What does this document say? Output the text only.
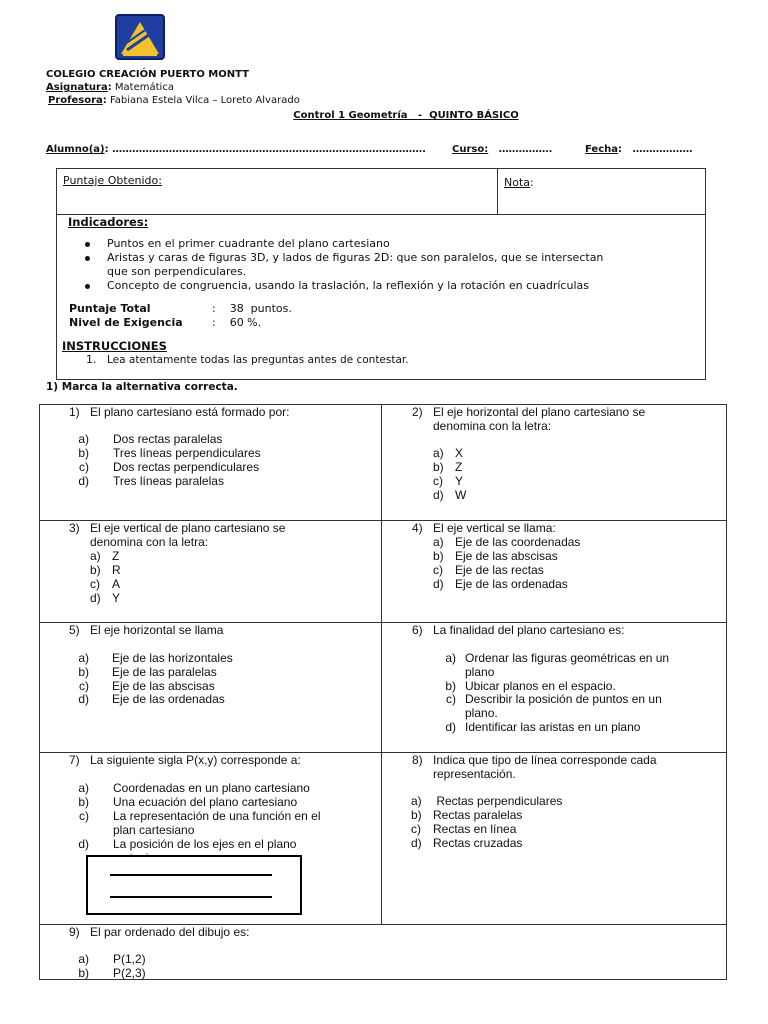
COLEGIO CREACIÓN PUERTO MONTT
Asignatura: Matemática
Profesora: Fabiana Estela Vilca – Loreto Alvarado
Control 1 Geometría   -  QUINTO BÁSICO
Alumno(a): ………………………………………………………………………………….	Curso: …………….	Fecha:   ………………
Puntaje Obtenido:	Nota:
Indicadores:
Puntos en el primer cuadrante del plano cartesiano
Aristas y caras de figuras 3D, y lados de figuras 2D: que son paralelos, que se intersectan
que son perpendiculares.
Concepto de congruencia, usando la traslación, la reflexión y la rotación en cuadrículas
Puntaje Total	:    38  puntos.
Nivel de Exigencia	:    60 %.
INSTRUCCIONES
1. Lea atentamente todas las preguntas antes de contestar.
1) Marca la alternativa correcta.
1) El plano cartesiano está formado por:
a) Dos rectas paralelas
b) Tres líneas perpendiculares
c) Dos rectas perpendiculares
d) Tres líneas paralelas
2) El eje horizontal del plano cartesiano se
denomina con la letra:
a) X
b) Z
c) Y
d) W
3) El eje vertical de plano cartesiano se
denomina con la letra:
a) Z
b) R
c) A
d) Y
4) El eje vertical se llama:
a) Eje de las coordenadas
b) Eje de las abscisas
c) Eje de las rectas
d) Eje de las ordenadas
5) El eje horizontal se llama
a) Eje de las horizontales
b) Eje de las paralelas
c) Eje de las abscisas
d) Eje de las ordenadas
6) La finalidad del plano cartesiano es:
a) Ordenar las figuras geométricas en un
plano
b) Ubicar planos en el espacio.
c) Describir la posición de puntos en un
plano.
d) Identificar las aristas en un plano
7) La siguiente sigla P(x,y) corresponde a:
a) Coordenadas en un plano cartesiano
b) Una ecuación del plano cartesiano
c) La representación de una función en el
plan cartesiano
d) La posición de los ejes en el plano
8) Indica que tipo de línea corresponde cada
representación.
a) Rectas perpendiculares
b) Rectas paralelas
c) Rectas en línea
d) Rectas cruzadas
9) El par ordenado del dibujo es:
a) P(1,2)
b) P(2,3)
